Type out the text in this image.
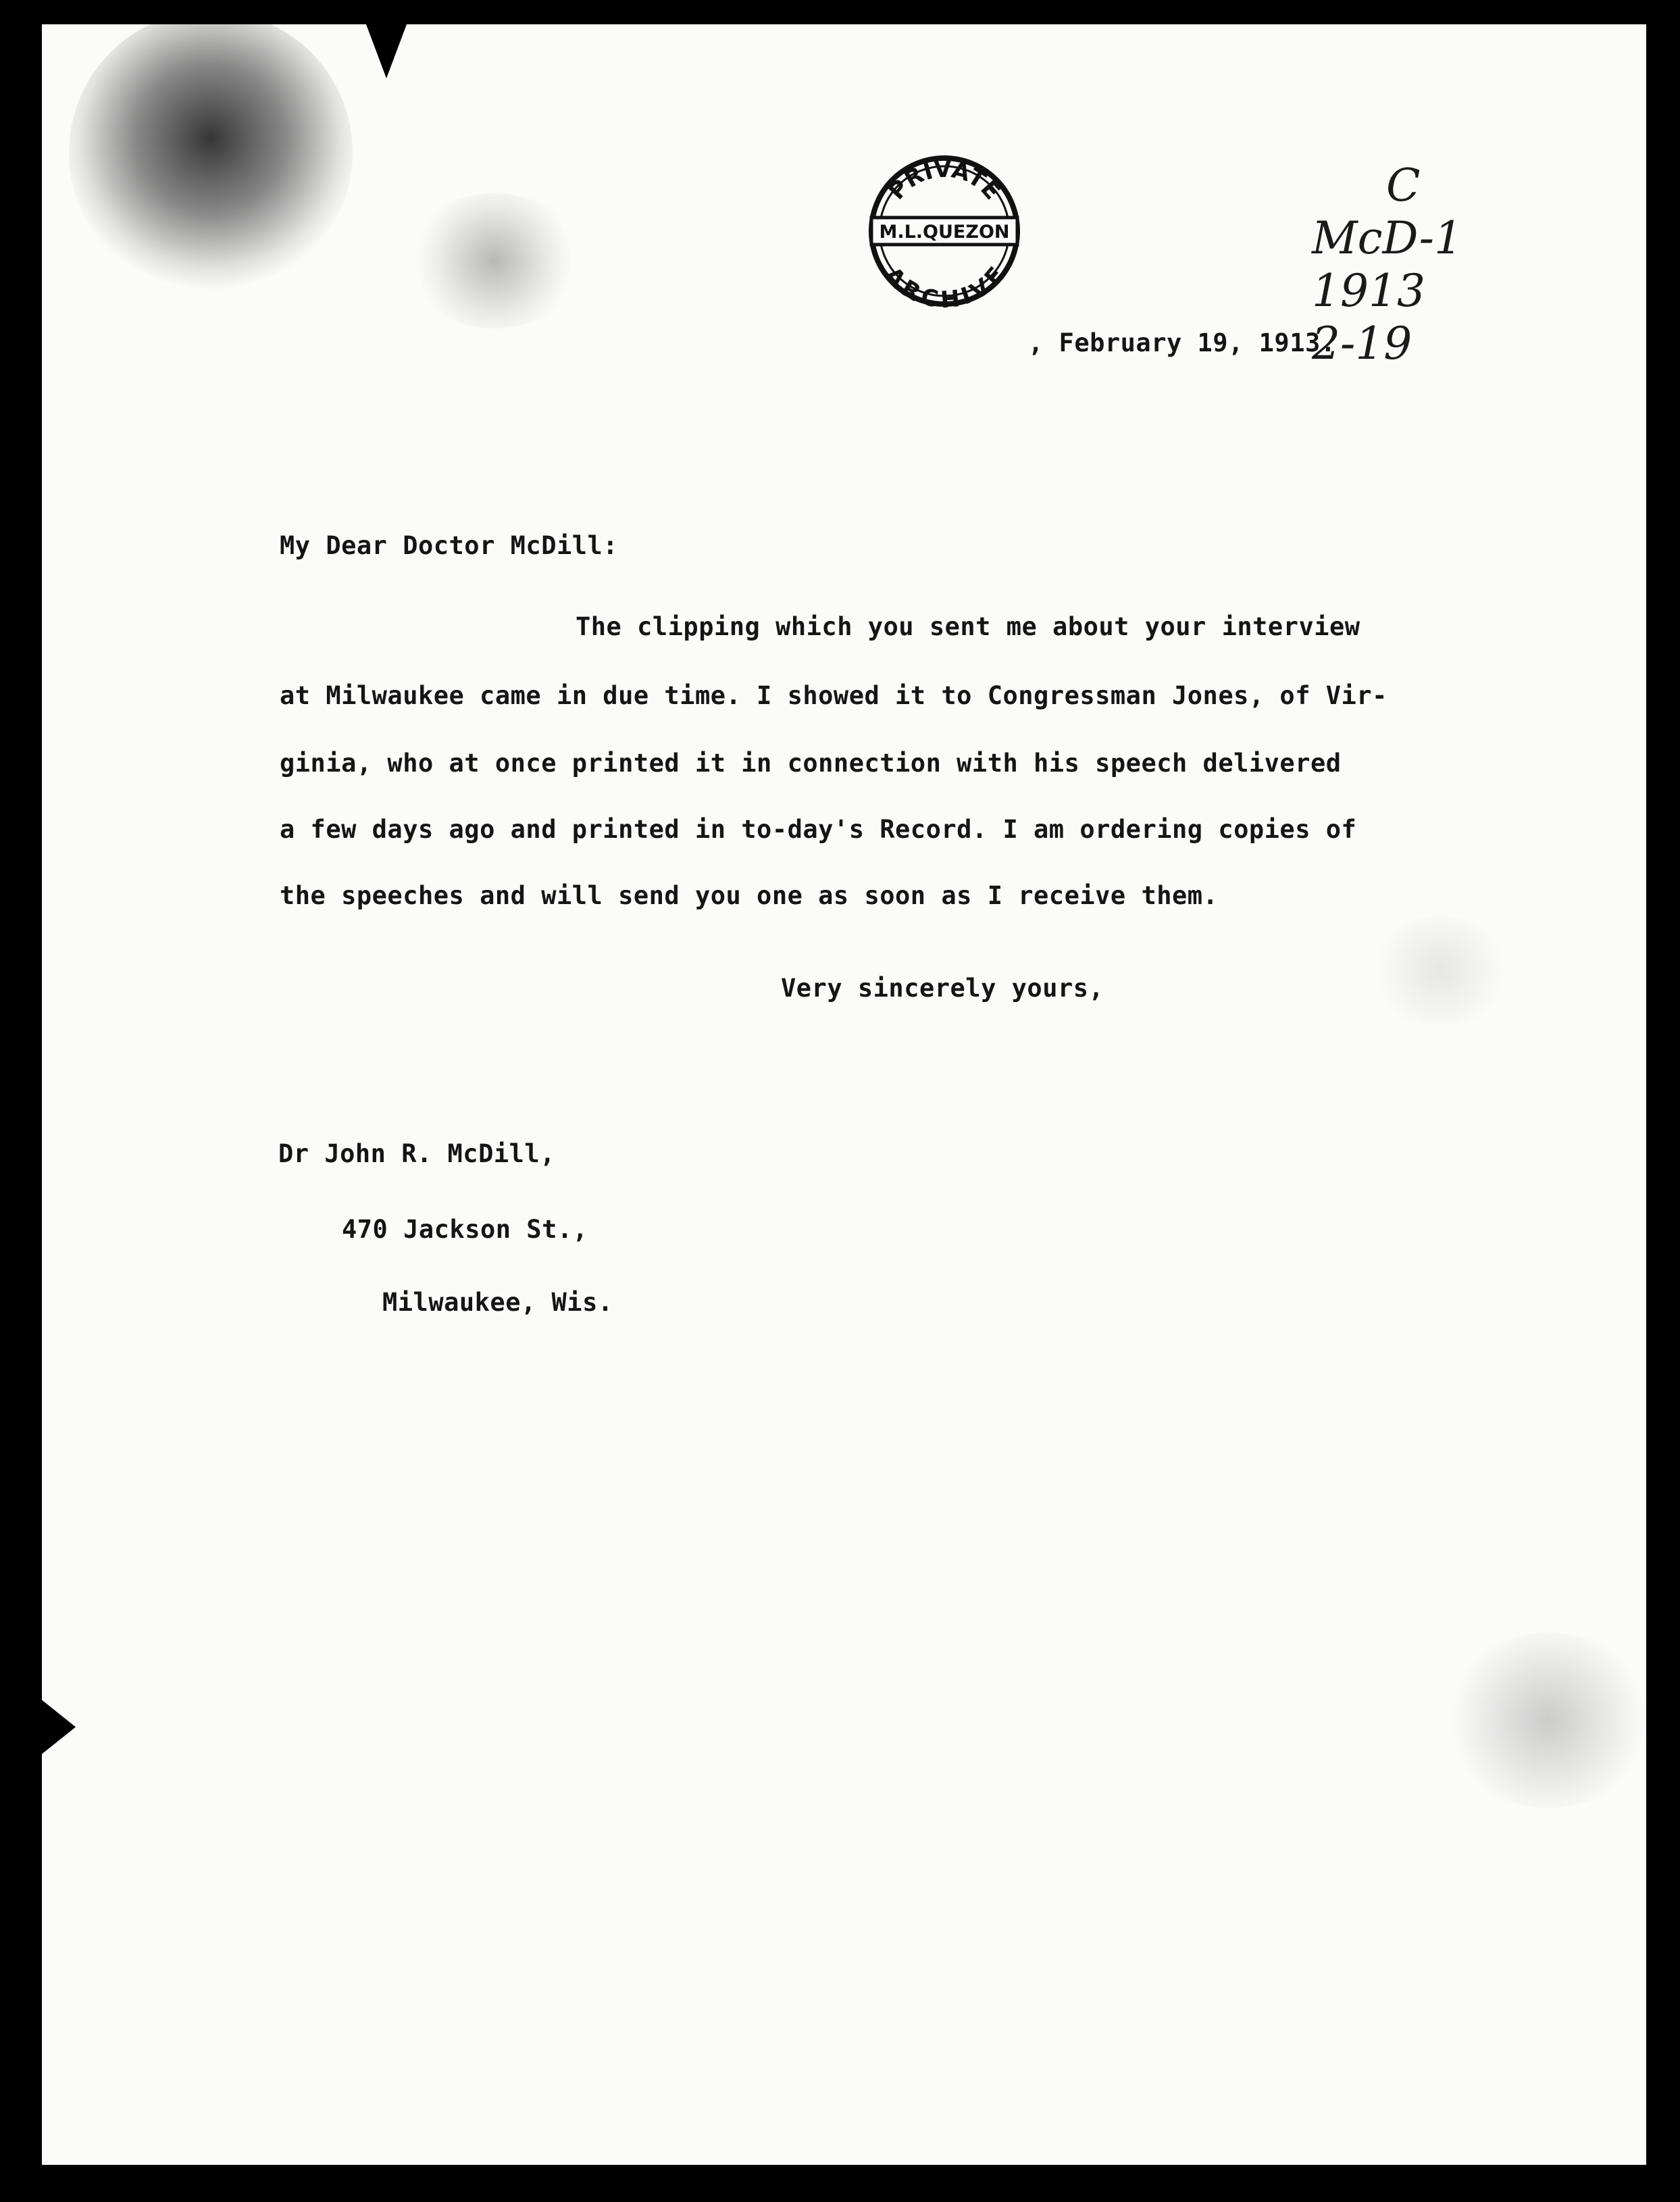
PRIVATE
M.L.QUEZON
ARCHIVE
C
McD-1
1913
2-19
, February 19, 1913.
My Dear Doctor McDill:
The clipping which you sent me about your interview
at Milwaukee came in due time. I showed it to Congressman Jones, of Vir-
ginia, who at once printed it in connection with his speech delivered
a few days ago and printed in to-day's Record. I am ordering copies of
the speeches and will send you one as soon as I receive them.
Very sincerely yours,
Dr John R. McDill,
470 Jackson St.,
Milwaukee, Wis.
